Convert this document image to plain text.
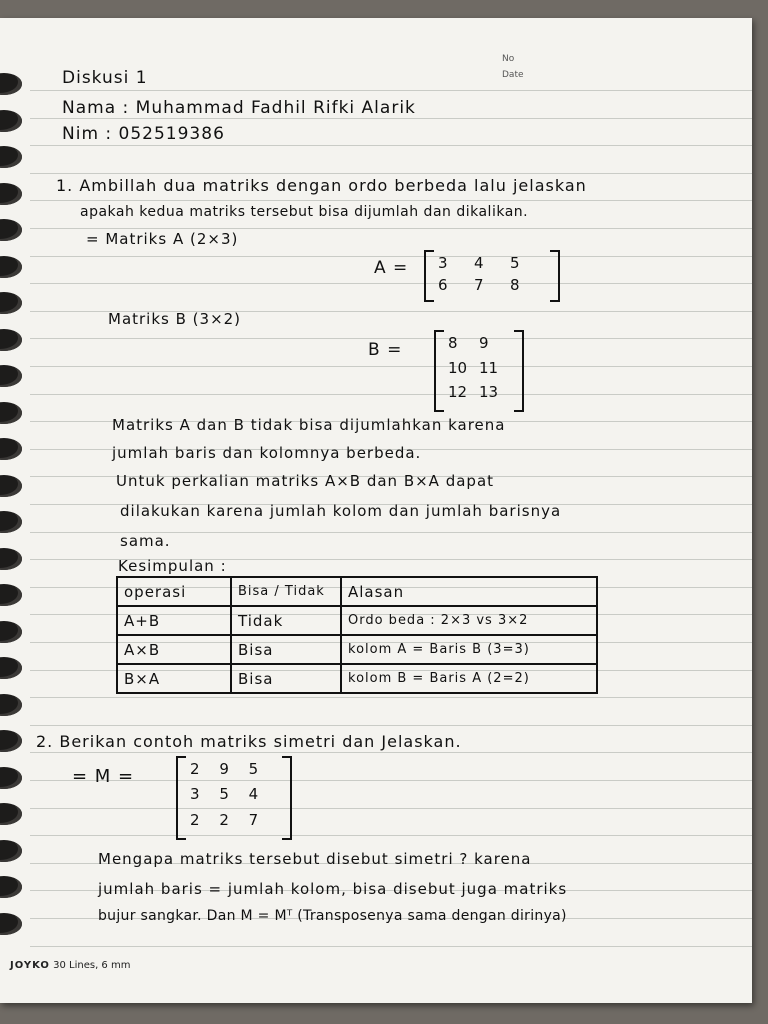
No
Date
Diskusi 1
Nama : Muhammad Fadhil Rifki Alarik
Nim : 052519386
1. Ambillah dua matriks dengan ordo berbeda lalu jelaskan
apakah kedua matriks tersebut bisa dijumlah dan dikalikan.
= Matriks A (2×3)
A = 3 4 5
6 7 8
Matriks B (3×2)
B =	8 9
10 11
12 13
Matriks A dan B tidak bisa dijumlahkan karena
jumlah baris dan kolomnya berbeda.
Untuk perkalian matriks A×B dan B×A dapat
dilakukan karena jumlah kolom dan jumlah barisnya
sama.
Kesimpulan :
operasi	Bisa / Tidak	Alasan
A+B	Tidak	Ordo beda : 2×3 vs 3×2
A×B	Bisa	kolom A = Baris B (3=3)
B×A	Bisa	kolom B = Baris A (2=2)
2. Berikan contoh matriks simetri dan Jelaskan.
= M =	2 9 5
3 5 4
2 2 7
Mengapa matriks tersebut disebut simetri ? karena
jumlah baris = jumlah kolom, bisa disebut juga matriks
bujur sangkar. Dan M = Mᵀ (Transposenya sama dengan dirinya)
JOYKO 30 Lines, 6 mm
